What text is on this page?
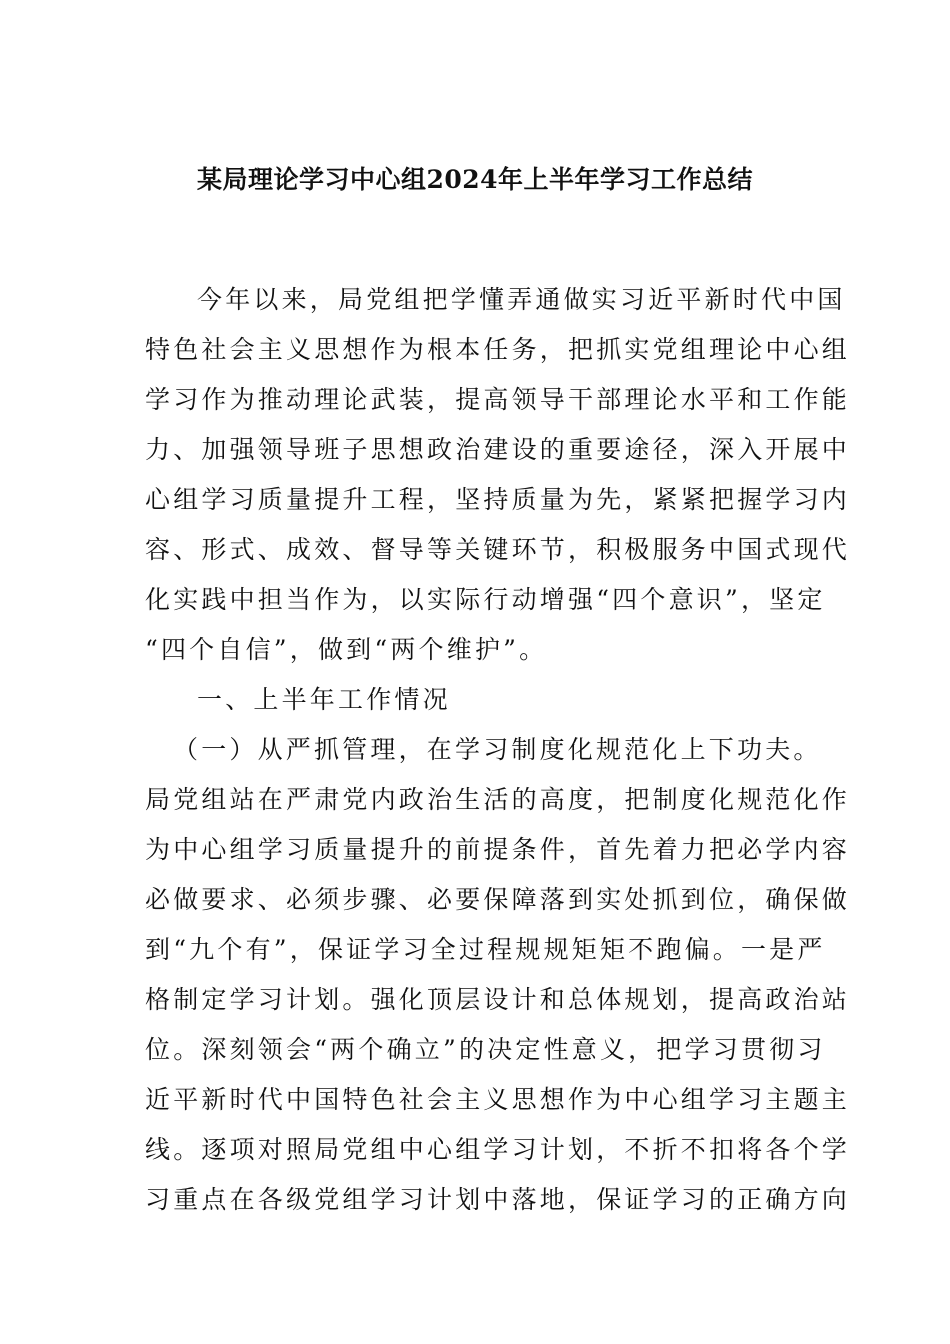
某局理论学习中心组2024年上半年学习工作总结
今年以来，局党组把学懂弄通做实习近平新时代中国
特色社会主义思想作为根本任务，把抓实党组理论中心组
学习作为推动理论武装，提高领导干部理论水平和工作能
力、加强领导班子思想政治建设的重要途径，深入开展中
心组学习质量提升工程，坚持质量为先，紧紧把握学习内
容、形式、成效、督导等关键环节，积极服务中国式现代
化实践中担当作为，以实际行动增强“四个意识”，坚定
“四个自信”，做到“两个维护”。
一、上半年工作情况
（一）从严抓管理，在学习制度化规范化上下功夫。
局党组站在严肃党内政治生活的高度，把制度化规范化作
为中心组学习质量提升的前提条件，首先着力把必学内容
必做要求、必须步骤、必要保障落到实处抓到位，确保做
到“九个有”，保证学习全过程规规矩矩不跑偏。一是严
格制定学习计划。强化顶层设计和总体规划，提高政治站
位。深刻领会“两个确立”的决定性意义，把学习贯彻习
近平新时代中国特色社会主义思想作为中心组学习主题主
线。逐项对照局党组中心组学习计划，不折不扣将各个学
习重点在各级党组学习计划中落地，保证学习的正确方向
